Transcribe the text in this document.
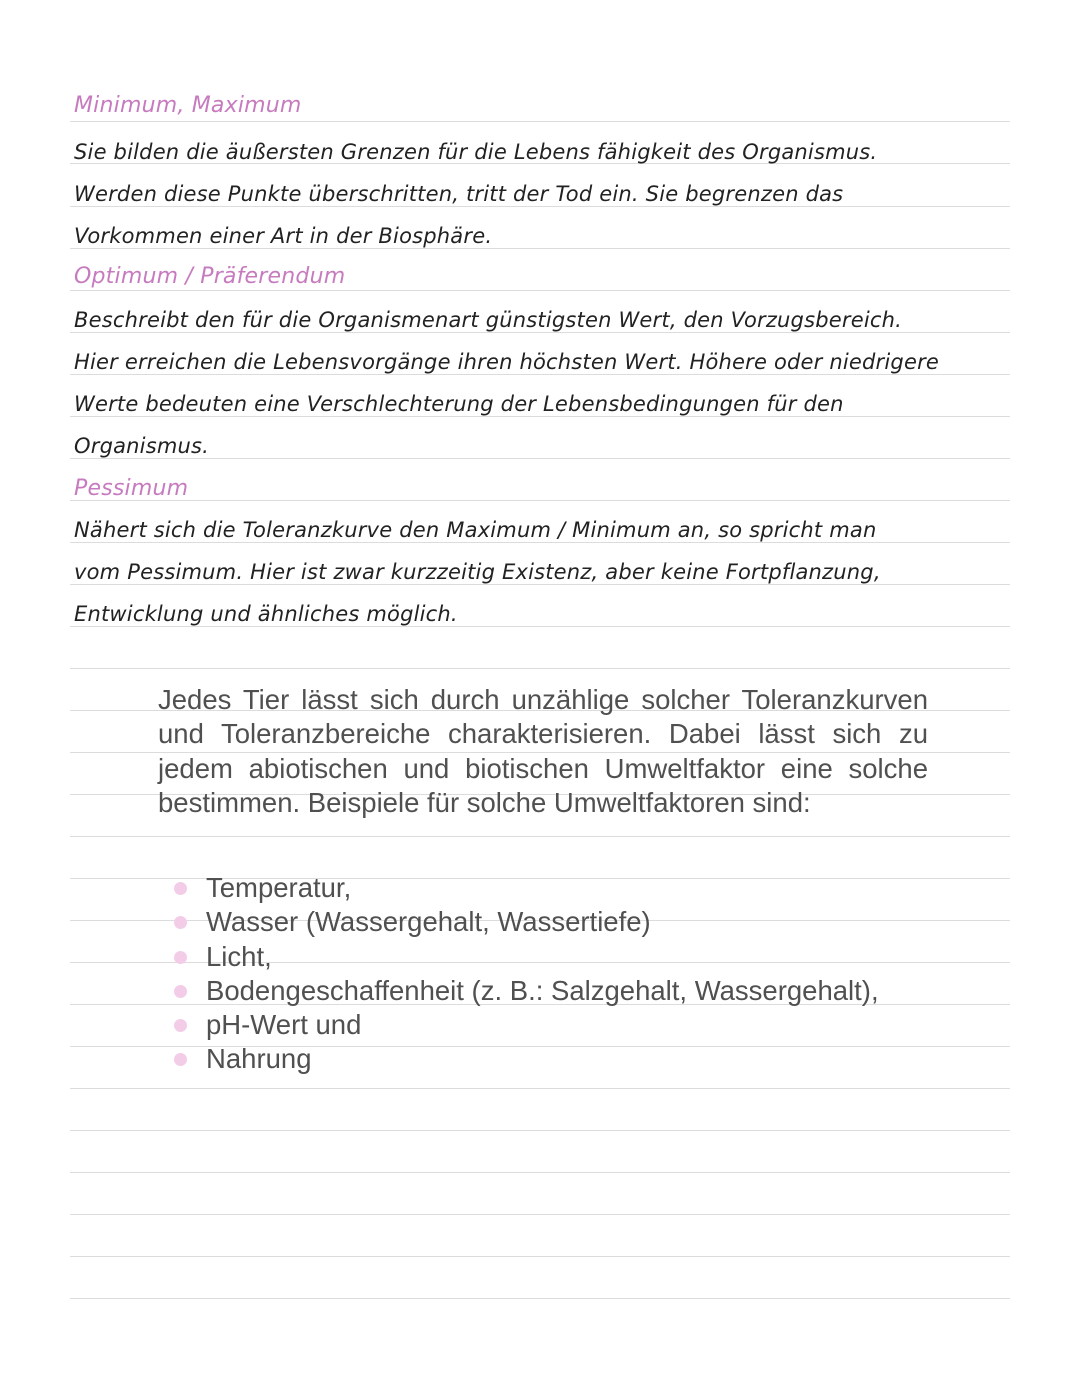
Minimum, Maximum
Sie bilden die äußersten Grenzen für die Lebens fähigkeit des Organismus.
Werden diese Punkte überschritten, tritt der Tod ein. Sie begrenzen das
Vorkommen einer Art in der Biosphäre.
Optimum / Präferendum
Beschreibt den für die Organismenart günstigsten Wert, den Vorzugsbereich.
Hier erreichen die Lebensvorgänge ihren höchsten Wert. Höhere oder niedrigere
Werte bedeuten eine Verschlechterung der Lebensbedingungen für den
Organismus.
Pessimum
Nähert sich die Toleranzkurve den Maximum / Minimum an, so spricht man
vom Pessimum. Hier ist zwar kurzzeitig Existenz, aber keine Fortpflanzung,
Entwicklung und ähnliches möglich.
Jedes Tier lässt sich durch unzählige solcher Toleranzkurven und Toleranzbereiche charakterisieren. Dabei lässt sich zu jedem abiotischen und biotischen Umweltfaktor eine solche bestimmen. Beispiele für solche Umweltfaktoren sind:
Temperatur,
Wasser (Wassergehalt, Wassertiefe)
Licht,
Bodengeschaffenheit (z. B.: Salzgehalt, Wassergehalt),
pH-Wert und
Nahrung
